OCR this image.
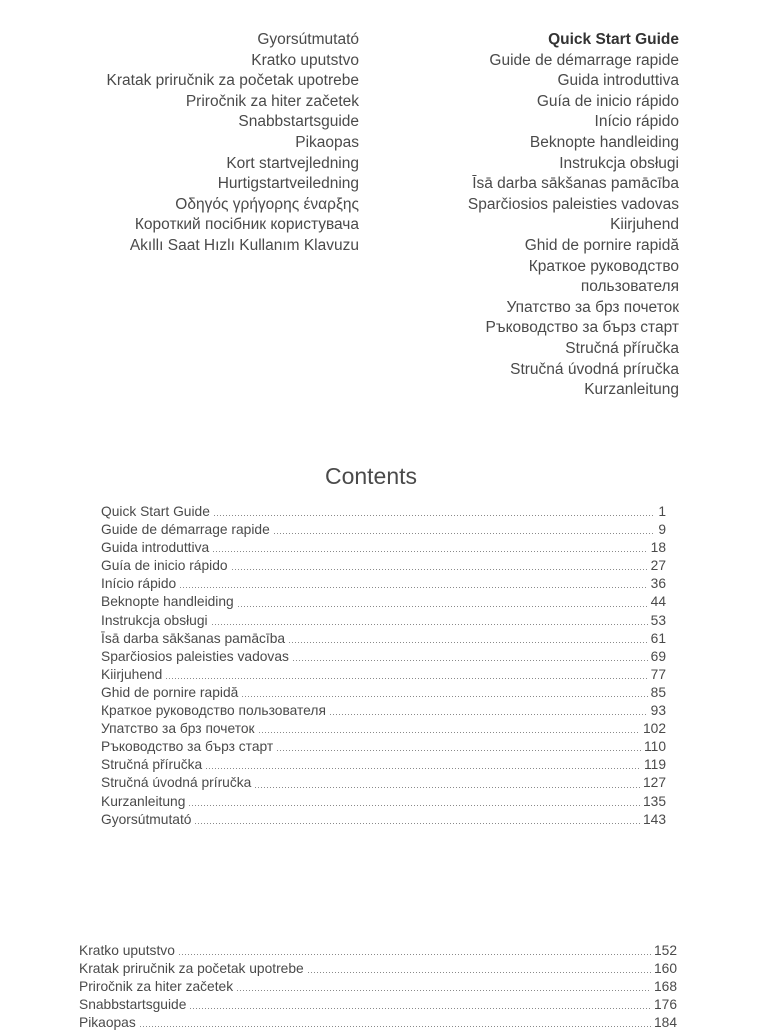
Gyorsútmutató
Kratko uputstvo
Kratak priručnik za početak upotrebe
Priročnik za hiter začetek
Snabbstartsguide
Pikaopas
Kort startvejledning
Hurtigstartveiledning
Οδηγός γρήγορης έναρξης
Короткий посібник користувача
Akıllı Saat Hızlı Kullanım Klavuzu
Quick Start Guide
Guide de démarrage rapide
Guida introduttiva
Guía de inicio rápido
Início rápido
Beknopte handleiding
Instrukcja obsługi
Īsā darba sākšanas pamācība
Sparčiosios paleisties vadovas
Kiirjuhend
Ghid de pornire rapidă
Краткое руководство
пользователя
Упатство за брз почеток
Ръководство за бърз старт
Stručná příručka
Stručná úvodná príručka
Kurzanleitung
Contents
Quick Start Guide	1
Guide de démarrage rapide	9
Guida introduttiva	18
Guía de inicio rápido	27
Início rápido	36
Beknopte handleiding	44
Instrukcja obsługi	53
Īsā darba sākšanas pamācība	61
Sparčiosios paleisties vadovas	69
Kiirjuhend	77
Ghid de pornire rapidă	85
Краткое руководство пользователя	93
Упатство за брз почеток	102
Ръководство за бърз старт	110
Stručná příručka	119
Stručná úvodná príručka	127
Kurzanleitung	135
Gyorsútmutató	143
Kratko uputstvo	152
Kratak priručnik za početak upotrebe	160
Priročnik za hiter začetek	168
Snabbstartsguide	176
Pikaopas	184
